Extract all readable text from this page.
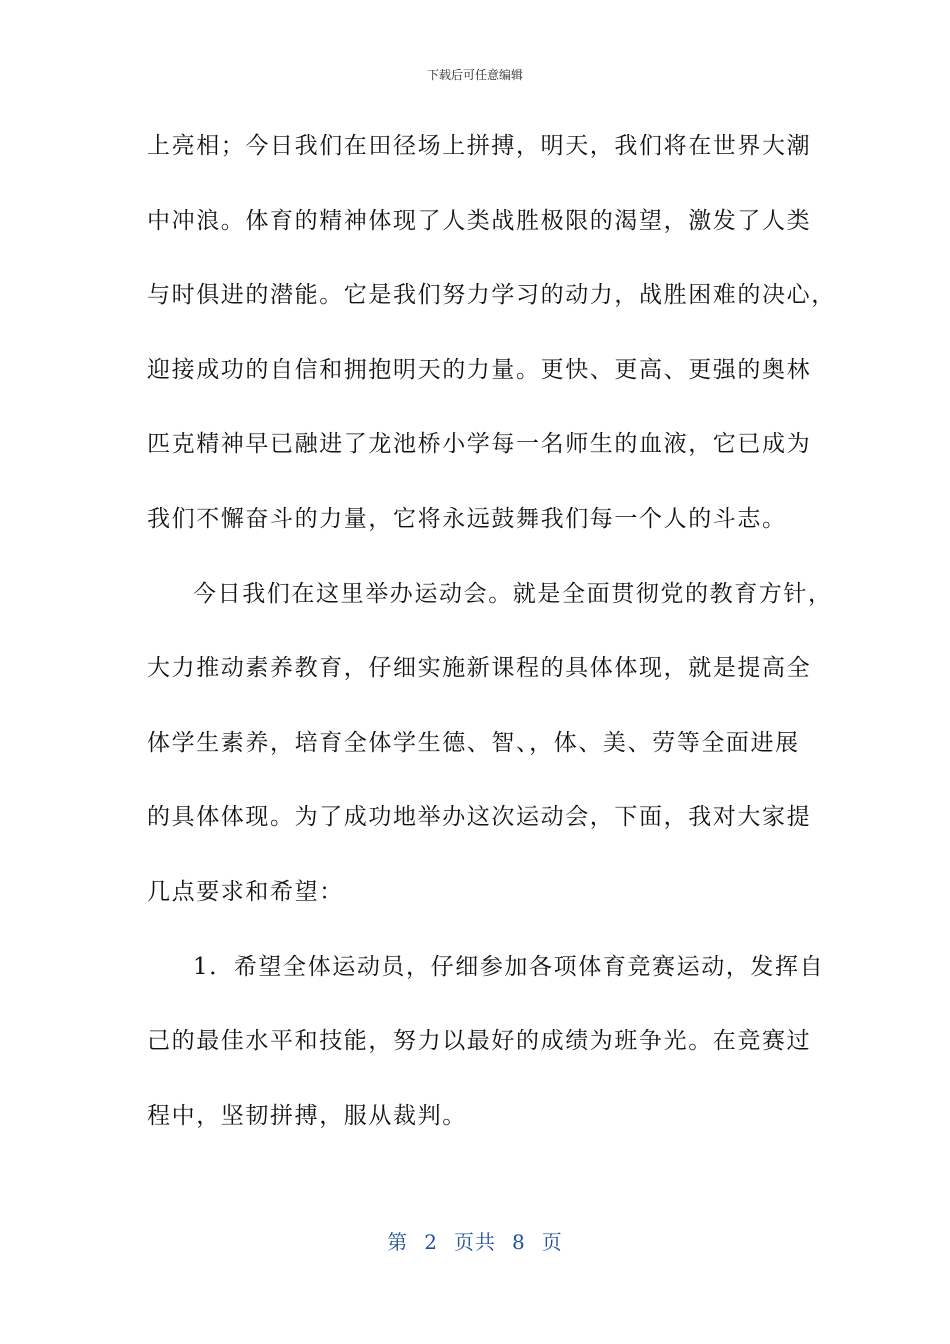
下载后可任意编辑
上亮相；今日我们在田径场上拼搏，明天，我们将在世界大潮
中冲浪。体育的精神体现了人类战胜极限的渴望，激发了人类
与时俱进的潜能。它是我们努力学习的动力，战胜困难的决心，
迎接成功的自信和拥抱明天的力量。更快、更高、更强的奥林
匹克精神早已融进了龙池桥小学每一名师生的血液，它已成为
我们不懈奋斗的力量，它将永远鼓舞我们每一个人的斗志。
今日我们在这里举办运动会。就是全面贯彻党的教育方针，
大力推动素养教育，仔细实施新课程的具体体现，就是提高全
体学生素养，培育全体学生德、智、，体、美、劳等全面进展
的具体体现。为了成功地举办这次运动会，下面，我对大家提
几点要求和希望：
1．希望全体运动员，仔细参加各项体育竞赛运动，发挥自
己的最佳水平和技能，努力以最好的成绩为班争光。在竞赛过
程中，坚韧拼搏，服从裁判。
第 2 页共 8 页
